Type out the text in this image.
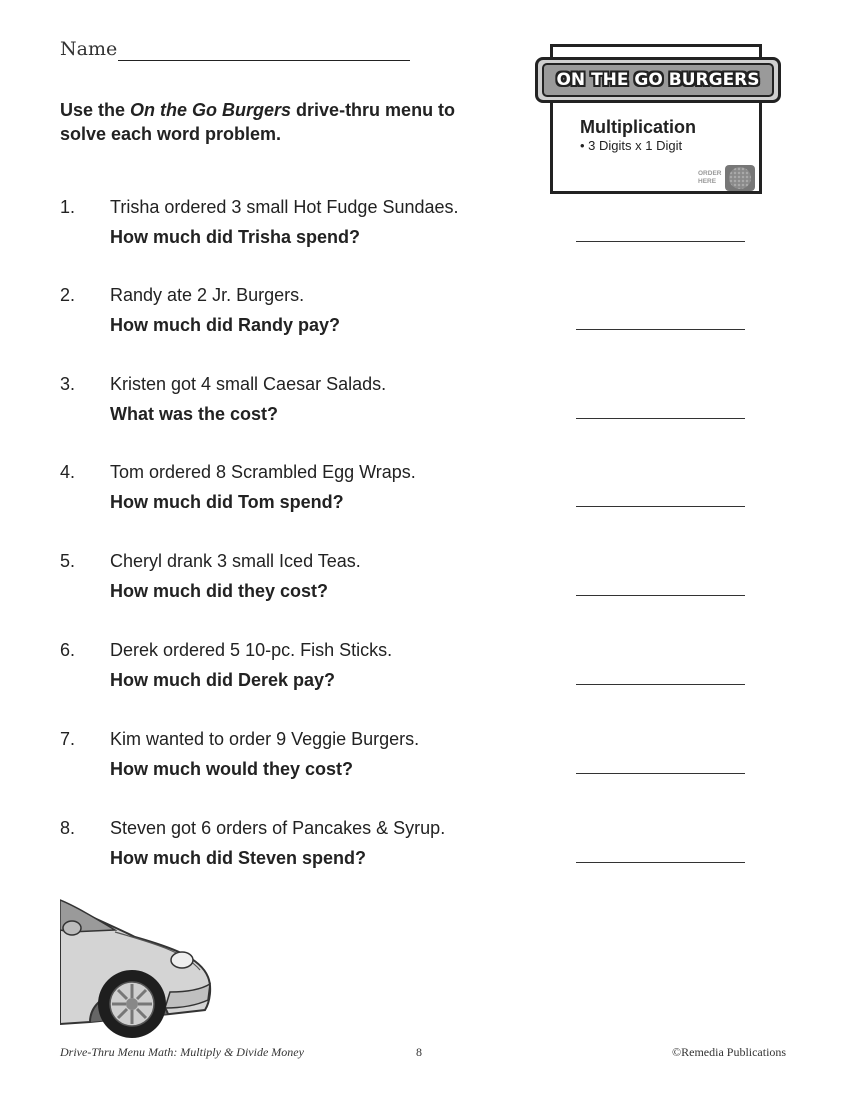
Name
Use the On the Go Burgers drive-thru menu to solve each word problem.
ON THE GO BURGERS
Multiplication
• 3 Digits x 1 Digit
ORDER
HERE
1. Trisha ordered 3 small Hot Fudge Sundaes.
How much did Trisha spend?
2. Randy ate 2 Jr. Burgers.
How much did Randy pay?
3. Kristen got 4 small Caesar Salads.
What was the cost?
4. Tom ordered 8 Scrambled Egg Wraps.
How much did Tom spend?
5. Cheryl drank 3 small Iced Teas.
How much did they cost?
6. Derek ordered 5 10-pc. Fish Sticks.
How much did Derek pay?
7. Kim wanted to order 9 Veggie Burgers.
How much would they cost?
8. Steven got 6 orders of Pancakes & Syrup.
How much did Steven spend?
Drive-Thru Menu Math: Multiply & Divide Money	8	©Remedia Publications
